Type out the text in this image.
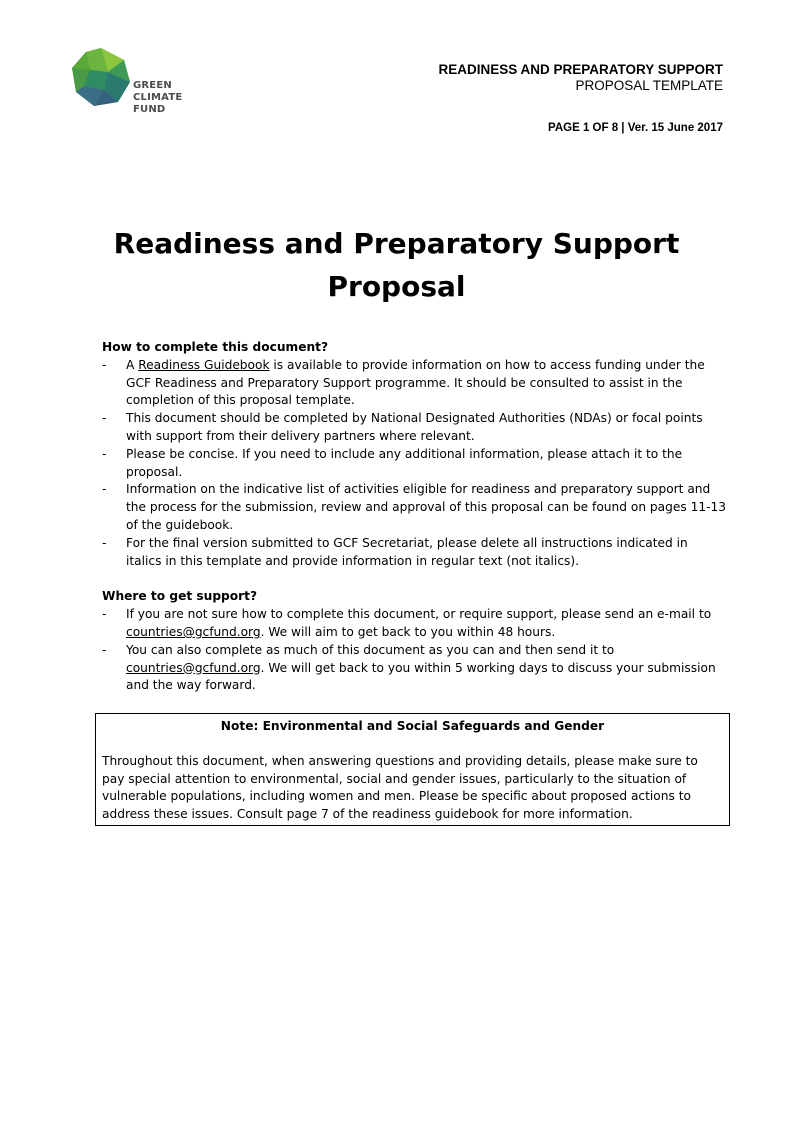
GREEN
CLIMATE
FUND
READINESS AND PREPARATORY SUPPORT
PROPOSAL TEMPLATE
PAGE 1 OF 8 | Ver. 15 June 2017
Readiness and Preparatory Support
Proposal
How to complete this document?
- A Readiness Guidebook is available to provide information on how to access funding under the GCF Readiness and Preparatory Support programme. It should be consulted to assist in the completion of this proposal template.
- This document should be completed by National Designated Authorities (NDAs) or focal points with support from their delivery partners where relevant.
- Please be concise. If you need to include any additional information, please attach it to the proposal.
- Information on the indicative list of activities eligible for readiness and preparatory support and the process for the submission, review and approval of this proposal can be found on pages 11-13 of the guidebook.
- For the final version submitted to GCF Secretariat, please delete all instructions indicated in italics in this template and provide information in regular text (not italics).
Where to get support?
- If you are not sure how to complete this document, or require support, please send an e-mail to countries@gcfund.org. We will aim to get back to you within 48 hours.
- You can also complete as much of this document as you can and then send it to countries@gcfund.org. We will get back to you within 5 working days to discuss your submission and the way forward.
Note: Environmental and Social Safeguards and Gender
Throughout this document, when answering questions and providing details, please make sure to pay special attention to environmental, social and gender issues, particularly to the situation of vulnerable populations, including women and men. Please be specific about proposed actions to address these issues. Consult page 7 of the readiness guidebook for more information.
